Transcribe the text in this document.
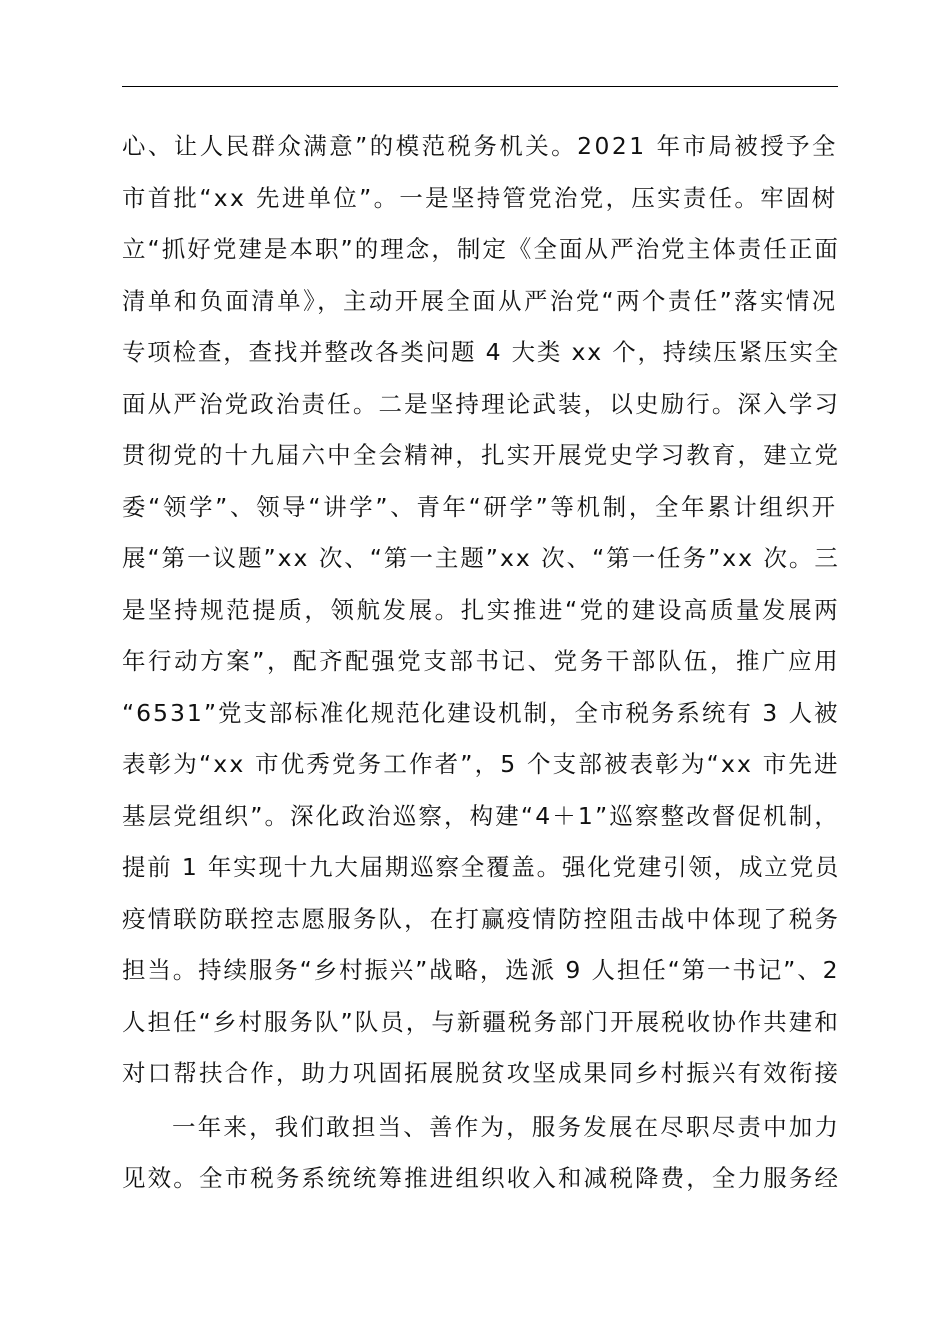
心、让人民群众满意”的模范税务机关。2021 年市局被授予全
市首批“xx 先进单位”。一是坚持管党治党，压实责任。牢固树
立“抓好党建是本职”的理念，制定《全面从严治党主体责任正面
清单和负面清单》，主动开展全面从严治党“两个责任”落实情况
专项检查，查找并整改各类问题 4 大类 xx 个，持续压紧压实全
面从严治党政治责任。二是坚持理论武装，以史励行。深入学习
贯彻党的十九届六中全会精神，扎实开展党史学习教育，建立党
委“领学”、领导“讲学”、青年“研学”等机制，全年累计组织开
展“第一议题”xx 次、“第一主题”xx 次、“第一任务”xx 次。三
是坚持规范提质，领航发展。扎实推进“党的建设高质量发展两
年行动方案”，配齐配强党支部书记、党务干部队伍，推广应用
“6531”党支部标准化规范化建设机制，全市税务系统有 3 人被
表彰为“xx 市优秀党务工作者”，5 个支部被表彰为“xx 市先进
基层党组织”。深化政治巡察，构建“4＋1”巡察整改督促机制，
提前 1 年实现十九大届期巡察全覆盖。强化党建引领，成立党员
疫情联防联控志愿服务队，在打赢疫情防控阻击战中体现了税务
担当。持续服务“乡村振兴”战略，选派 9 人担任“第一书记”、2
人担任“乡村服务队”队员，与新疆税务部门开展税收协作共建和
对口帮扶合作，助力巩固拓展脱贫攻坚成果同乡村振兴有效衔接
一年来，我们敢担当、善作为，服务发展在尽职尽责中加力
见效。全市税务系统统筹推进组织收入和减税降费，全力服务经
